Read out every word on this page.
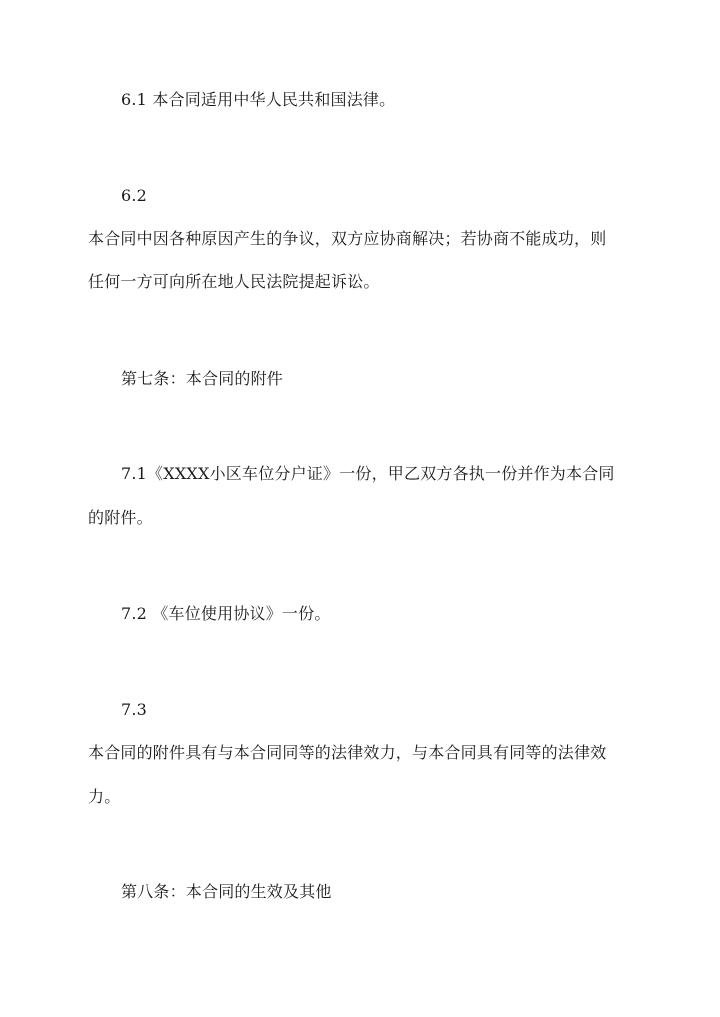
6.1 本合同适用中华人民共和国法律。
6.2
本合同中因各种原因产生的争议，双方应协商解决；若协商不能成功，则
任何一方可向所在地人民法院提起诉讼。
第七条：本合同的附件
7.1《XXXX小区车位分户证》一份，甲乙双方各执一份并作为本合同
的附件。
7.2 《车位使用协议》一份。
7.3
本合同的附件具有与本合同同等的法律效力，与本合同具有同等的法律效
力。
第八条：本合同的生效及其他
